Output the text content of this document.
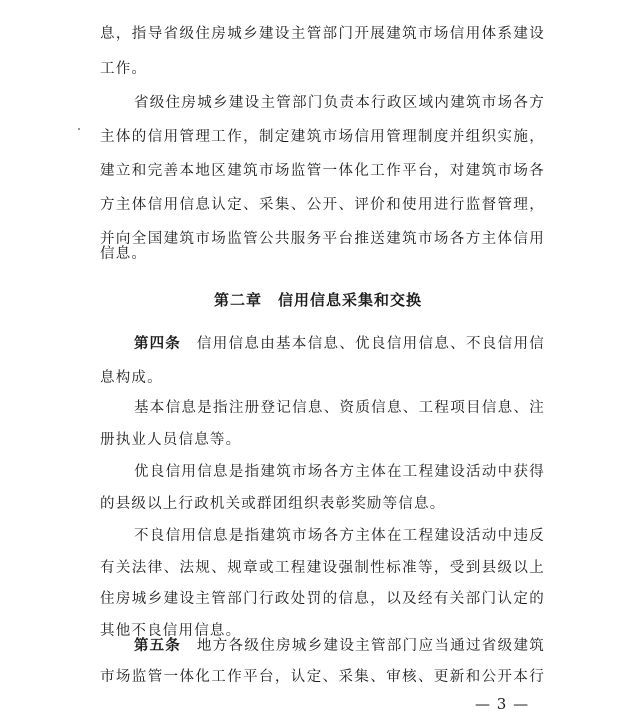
息，指导省级住房城乡建设主管部门开展建筑市场信用体系建设
工作。
省级住房城乡建设主管部门负责本行政区域内建筑市场各方
主体的信用管理工作，制定建筑市场信用管理制度并组织实施，
建立和完善本地区建筑市场监管一体化工作平台，对建筑市场各
方主体信用信息认定、采集、公开、评价和使用进行监督管理，
并向全国建筑市场监管公共服务平台推送建筑市场各方主体信用
信息。
第二章　信用信息采集和交换
第四条 信用信息由基本信息、优良信用信息、不良信用信
息构成。
基本信息是指注册登记信息、资质信息、工程项目信息、注
册执业人员信息等。
优良信用信息是指建筑市场各方主体在工程建设活动中获得
的县级以上行政机关或群团组织表彰奖励等信息。
不良信用信息是指建筑市场各方主体在工程建设活动中违反
有关法律、法规、规章或工程建设强制性标准等，受到县级以上
住房城乡建设主管部门行政处罚的信息，以及经有关部门认定的
其他不良信用信息。
第五条 地方各级住房城乡建设主管部门应当通过省级建筑
市场监管一体化工作平台，认定、采集、审核、更新和公开本行
— 3 —
